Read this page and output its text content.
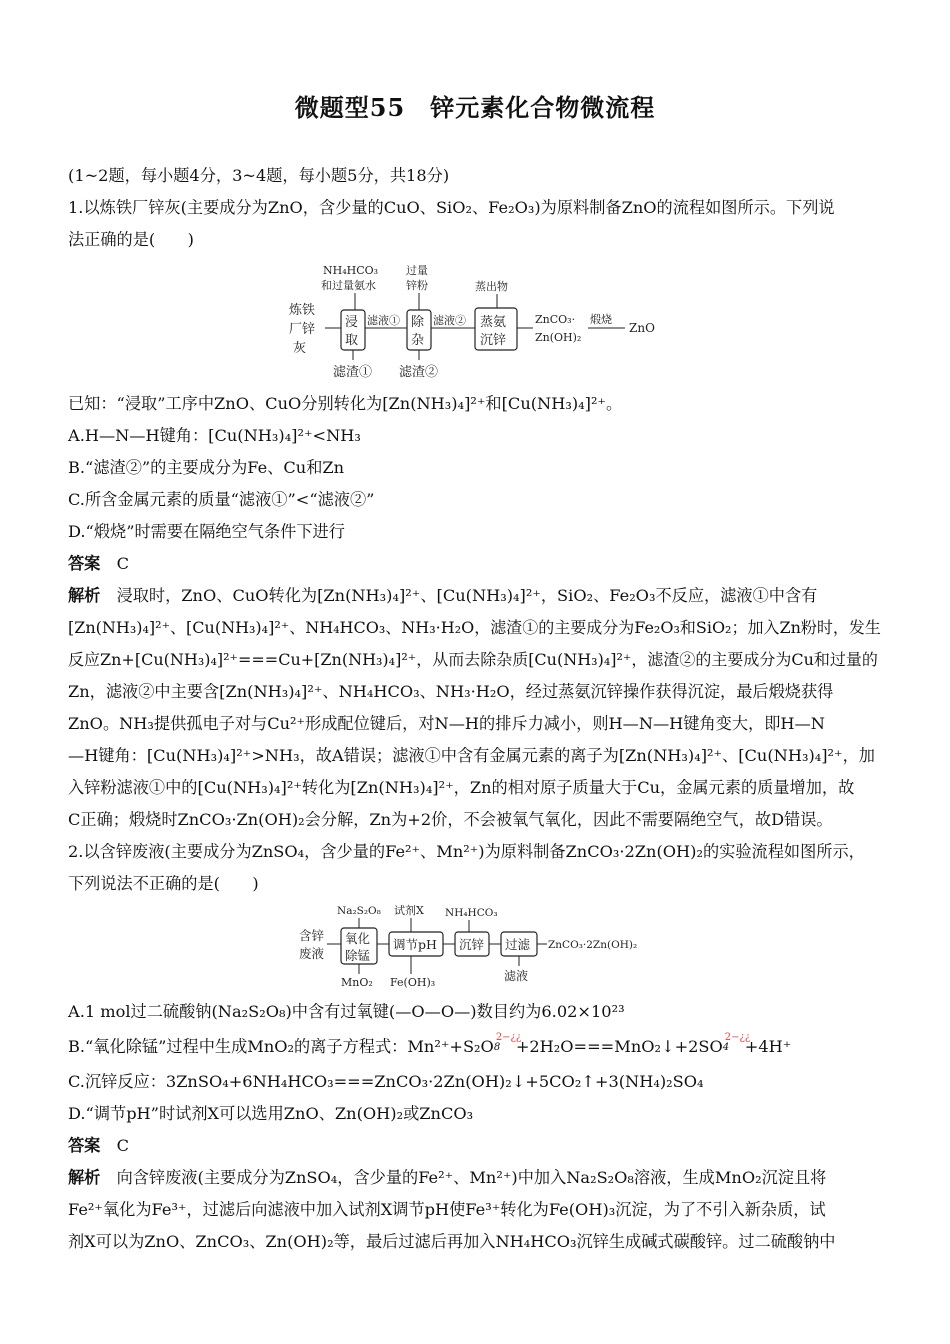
微题型55　锌元素化合物微流程
(1~2题，每小题4分，3~4题，每小题5分，共18分)
1.以炼铁厂锌灰(主要成分为ZnO，含少量的CuO、SiO₂、Fe₂O₃)为原料制备ZnO的流程如图所示。下列说
法正确的是(　　)
NH₄HCO₃
和过量氨水
过量
锌粉	蒸出物
炼铁
厂锌
灰
浸
取
滤液① 除
杂
滤液② 蒸氨
沉锌
ZnCO₃·
Zn(OH)₂
煅烧
ZnO
滤渣① 滤渣②
已知：“浸取”工序中ZnO、CuO分别转化为[Zn(NH₃)₄]²⁺和[Cu(NH₃)₄]²⁺。
A.H—N—H键角：[Cu(NH₃)₄]²⁺<NH₃
B.“滤渣②”的主要成分为Fe、Cu和Zn
C.所含金属元素的质量“滤液①”<“滤液②”
D.“煅烧”时需要在隔绝空气条件下进行
答案　 C
解析　 浸取时，ZnO、CuO转化为[Zn(NH₃)₄]²⁺、[Cu(NH₃)₄]²⁺，SiO₂、Fe₂O₃不反应，滤液①中含有
[Zn(NH₃)₄]²⁺、[Cu(NH₃)₄]²⁺、NH₄HCO₃、NH₃·H₂O，滤渣①的主要成分为Fe₂O₃和SiO₂；加入Zn粉时，发生
反应Zn+[Cu(NH₃)₄]²⁺===Cu+[Zn(NH₃)₄]²⁺，从而去除杂质[Cu(NH₃)₄]²⁺，滤渣②的主要成分为Cu和过量的
Zn，滤液②中主要含[Zn(NH₃)₄]²⁺、NH₄HCO₃、NH₃·H₂O，经过蒸氨沉锌操作获得沉淀，最后煅烧获得
ZnO。NH₃提供孤电子对与Cu²⁺形成配位键后，对N—H的排斥力减小，则H—N—H键角变大，即H—N
—H键角：[Cu(NH₃)₄]²⁺>NH₃，故A错误；滤液①中含有金属元素的离子为[Zn(NH₃)₄]²⁺、[Cu(NH₃)₄]²⁺，加
入锌粉滤液①中的[Cu(NH₃)₄]²⁺转化为[Zn(NH₃)₄]²⁺，Zn的相对原子质量大于Cu，金属元素的质量增加，故
C正确；煅烧时ZnCO₃·Zn(OH)₂会分解，Zn为+2价，不会被氧气氧化，因此不需要隔绝空气，故D错误。
2.以含锌废液(主要成分为ZnSO₄，含少量的Fe²⁺、Mn²⁺)为原料制备ZnCO₃·2Zn(OH)₂的实验流程如图所示，
下列说法不正确的是(　　)
Na₂S₂O₈ 试剂X NH₄HCO₃
含锌
废液
氧化
除锰
调节pH 沉锌 过滤 ZnCO₃·2Zn(OH)₂
MnO₂ Fe(OH)₃	滤液
A.1 mol过二硫酸钠(Na₂S₂O₈)中含有过氧键(—O—O—)数目约为6.02×10²³
B.“氧化除锰”过程中生成MnO₂的离子方程式：Mn²⁺+S₂O 2−¿¿
8 +2H₂O===MnO₂↓+2SO 2−¿¿
4 +4H⁺
C.沉锌反应：3ZnSO₄+6NH₄HCO₃===ZnCO₃·2Zn(OH)₂↓+5CO₂↑+3(NH₄)₂SO₄
D.“调节pH”时试剂X可以选用ZnO、Zn(OH)₂或ZnCO₃
答案　 C
解析　 向含锌废液(主要成分为ZnSO₄，含少量的Fe²⁺、Mn²⁺)中加入Na₂S₂O₈溶液，生成MnO₂沉淀且将
Fe²⁺氧化为Fe³⁺，过滤后向滤液中加入试剂X调节pH使Fe³⁺转化为Fe(OH)₃沉淀，为了不引入新杂质，试
剂X可以为ZnO、ZnCO₃、Zn(OH)₂等，最后过滤后再加入NH₄HCO₃沉锌生成碱式碳酸锌。过二硫酸钠中
